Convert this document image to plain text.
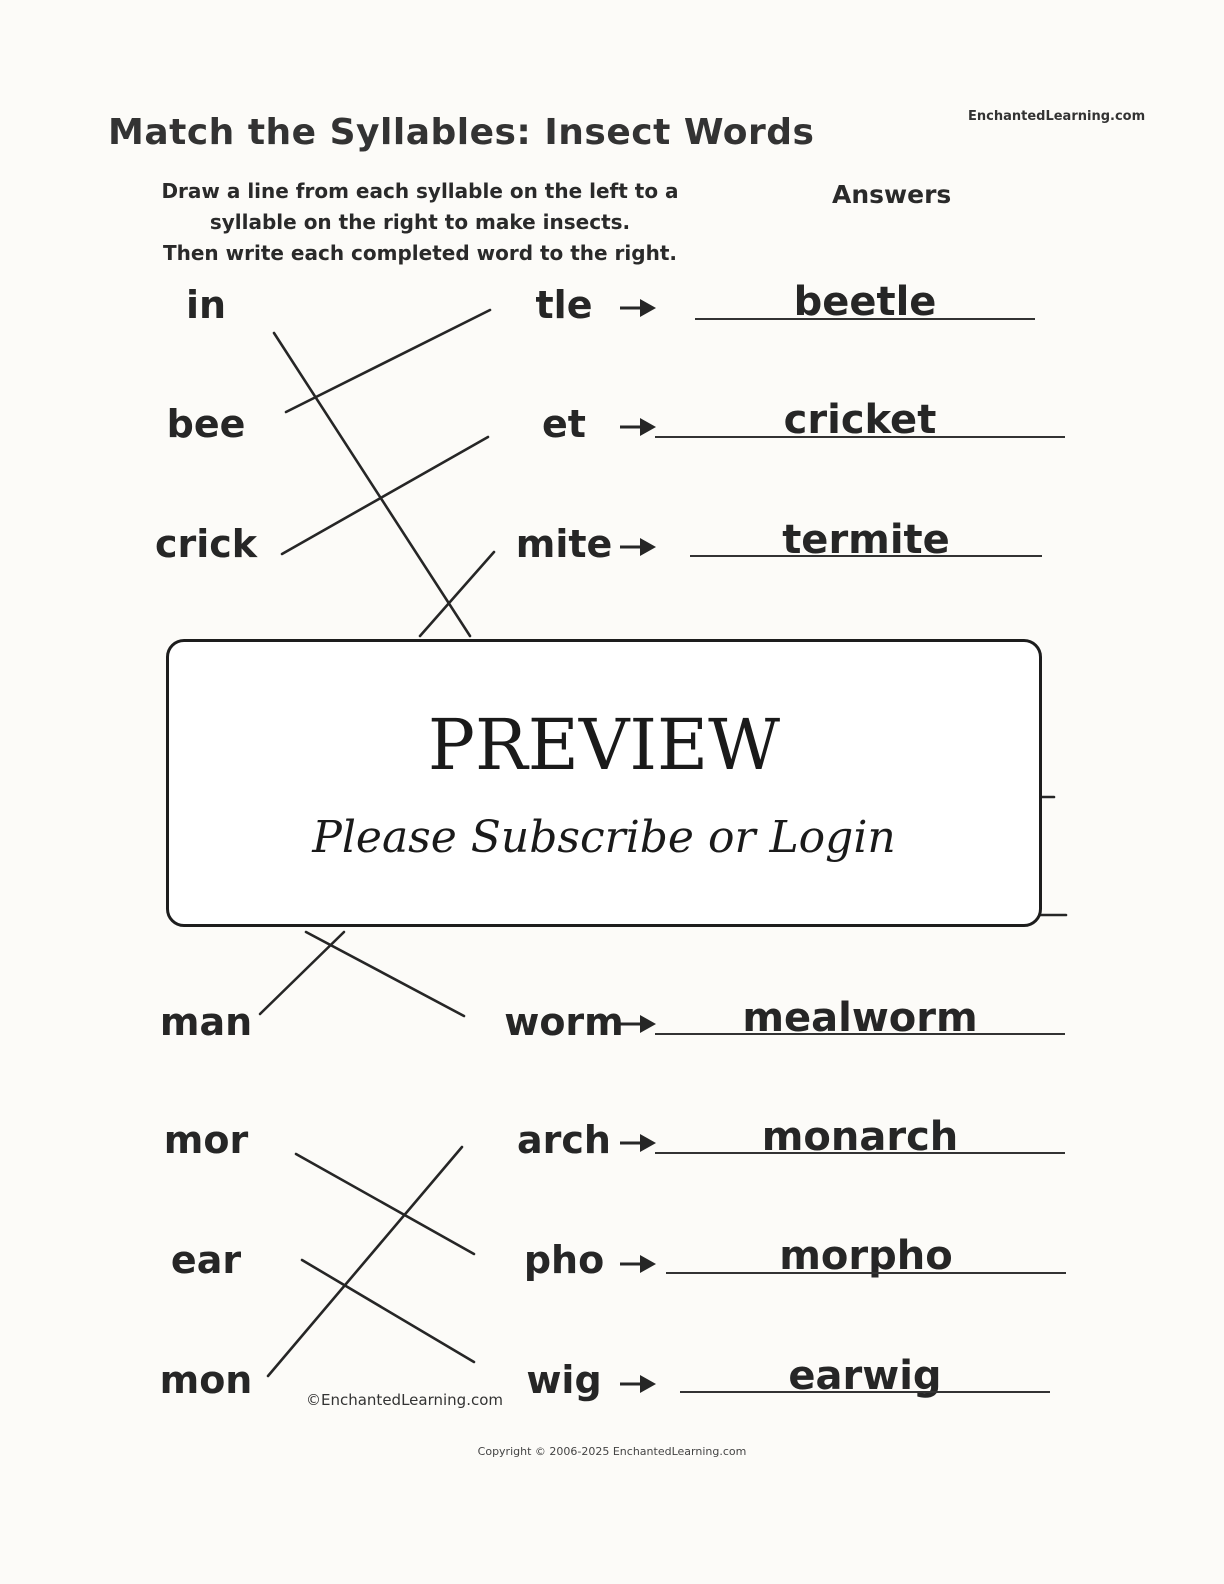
Match the Syllables: Insect Words	EnchantedLearning.com
Draw a line from each syllable on the left to a
syllable on the right to make insects.
Then write each completed word to the right.
Answers
in	tle	beetle
bee	et	cricket
crick	mite	termite
PREVIEW
Please Subscribe or Login
man	worm	mealworm
mor	arch	monarch
ear	pho	morpho
mon	wig	earwig
©EnchantedLearning.com
Copyright © 2006-2025 EnchantedLearning.com
